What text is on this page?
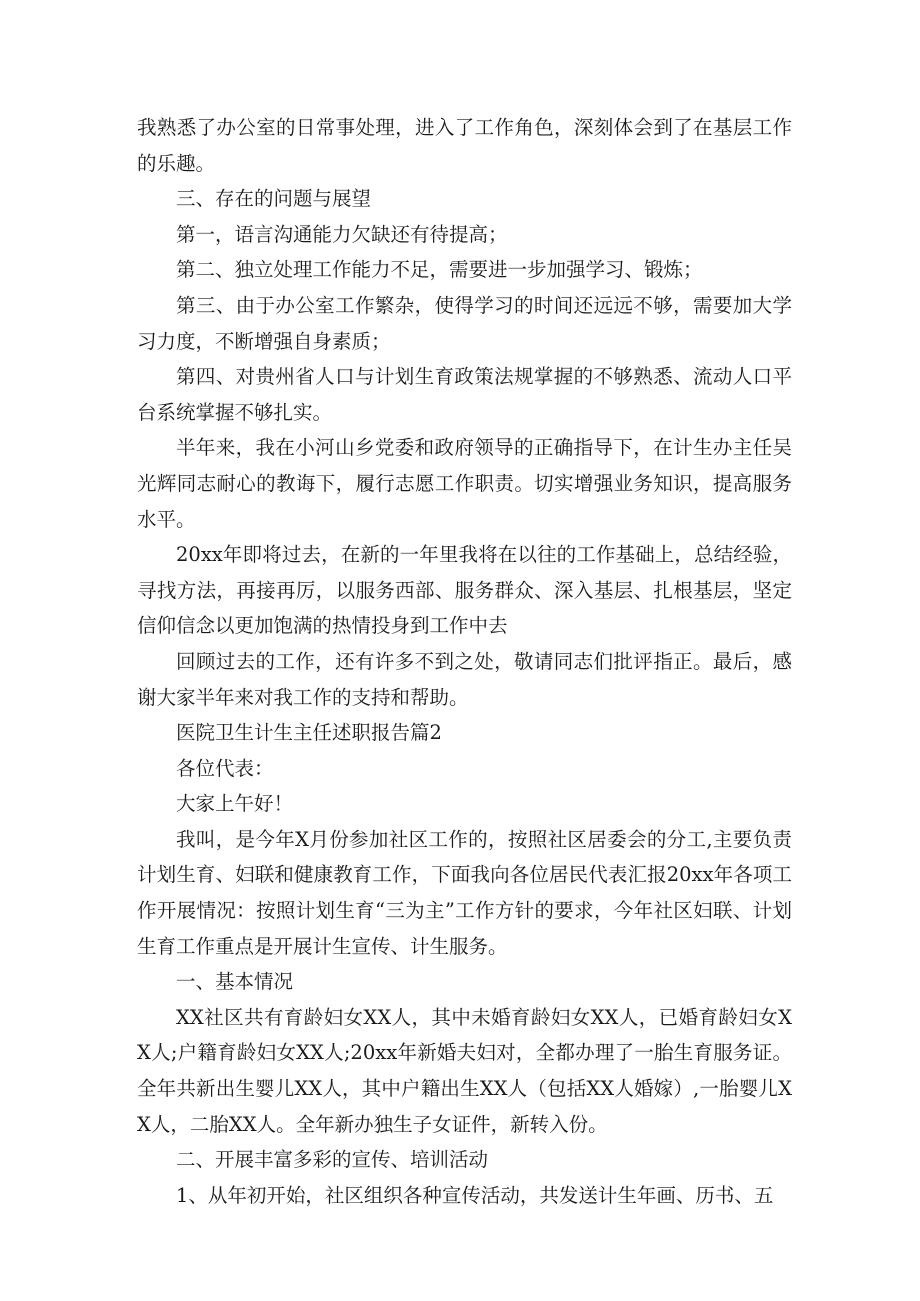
我熟悉了办公室的日常事处理，进入了工作角色，深刻体会到了在基层工作的乐趣。

三、存在的问题与展望

第一，语言沟通能力欠缺还有待提高；

第二、独立处理工作能力不足，需要进一步加强学习、锻炼；

第三、由于办公室工作繁杂，使得学习的时间还远远不够，需要加大学习力度，不断增强自身素质；

第四、对贵州省人口与计划生育政策法规掌握的不够熟悉、流动人口平台系统掌握不够扎实。

半年来，我在小河山乡党委和政府领导的正确指导下，在计生办主任吴光辉同志耐心的教诲下，履行志愿工作职责。切实增强业务知识，提高服务水平。

20xx年即将过去，在新的一年里我将在以往的工作基础上，总结经验，寻找方法，再接再厉，以服务西部、服务群众、深入基层、扎根基层，坚定信仰信念以更加饱满的热情投身到工作中去

回顾过去的工作，还有许多不到之处，敬请同志们批评指正。最后，感谢大家半年来对我工作的支持和帮助。

医院卫生计生主任述职报告篇2

各位代表：

大家上午好！

我叫，是今年X月份参加社区工作的，按照社区居委会的分工,主要负责计划生育、妇联和健康教育工作，下面我向各位居民代表汇报20xx年各项工作开展情况：按照计划生育“三为主”工作方针的要求，今年社区妇联、计划生育工作重点是开展计生宣传、计生服务。

一、基本情况

XX社区共有育龄妇女XX人，其中未婚育龄妇女XX人，已婚育龄妇女XX人;户籍育龄妇女XX人;20xx年新婚夫妇对，全都办理了一胎生育服务证。全年共新出生婴儿XX人，其中户籍出生XX人（包括XX人婚嫁）,一胎婴儿XX人，二胎XX人。全年新办独生子女证件，新转入份。

二、开展丰富多彩的宣传、培训活动

1、从年初开始，社区组织各种宣传活动，共发送计生年画、历书、五
